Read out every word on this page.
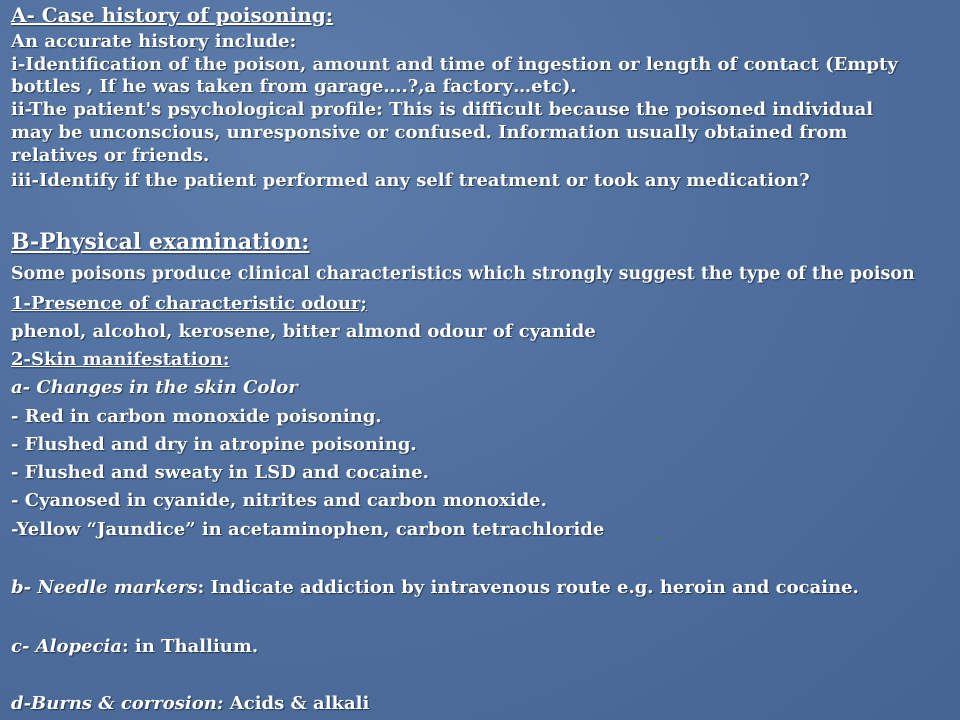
A- Case history of poisoning:
An accurate history include:
i-Identification of the poison, amount and time of ingestion or length of contact (Empty
bottles , If he was taken from garage….?,a factory…etc).
ii-The patient's psychological profile: This is difficult because the poisoned individual
may be unconscious, unresponsive or confused. Information usually obtained from
relatives or friends.
iii-Identify if the patient performed any self treatment or took any medication?
B-Physical examination:
Some poisons produce clinical characteristics which strongly suggest the type of the poison
1-Presence of characteristic odour;
phenol, alcohol, kerosene, bitter almond odour of cyanide
2-Skin manifestation:
a- Changes in the skin Color
- Red in carbon monoxide poisoning.
- Flushed and dry in atropine poisoning.
- Flushed and sweaty in LSD and cocaine.
- Cyanosed in cyanide, nitrites and carbon monoxide.
-Yellow “Jaundice” in acetaminophen, carbon tetrachloride	-
b- Needle markers: Indicate addiction by intravenous route e.g. heroin and cocaine.
c- Alopecia: in Thallium.
d-Burns & corrosion: Acids & alkali
